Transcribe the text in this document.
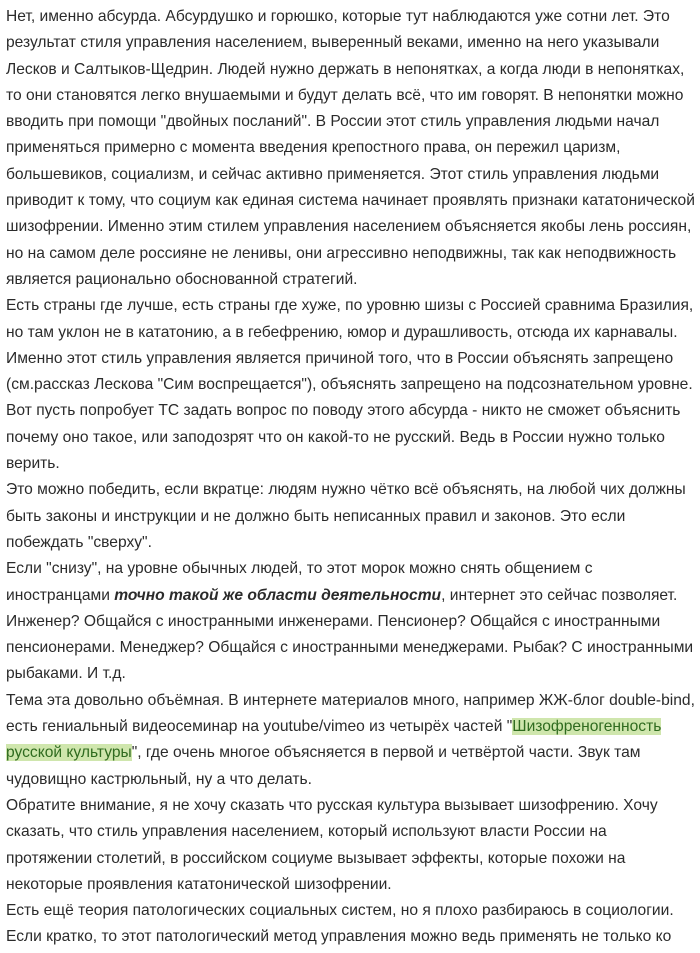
Нет, именно абсурда. Абсурдушко и горюшко, которые тут наблюдаются уже сотни лет. Это результат стиля управления населением, выверенный веками, именно на него указывали Лесков и Салтыков-Щедрин. Людей нужно держать в непонятках, а когда люди в непонятках, то они становятся легко внушаемыми и будут делать всё, что им говорят. В непонятки можно вводить при помощи "двойных посланий". В России этот стиль управления людьми начал применяться примерно с момента введения крепостного права, он пережил царизм, большевиков, социализм, и сейчас активно применяется. Этот стиль управления людьми приводит к тому, что социум как единая система начинает проявлять признаки кататонической шизофрении. Именно этим стилем управления населением объясняется якобы лень россиян, но на самом деле россияне не ленивы, они агрессивно неподвижны, так как неподвижность является рационально обоснованной стратегий.

Есть страны где лучше, есть страны где хуже, по уровню шизы с Россией сравнима Бразилия, но там уклон не в кататонию, а в гебефрению, юмор и дурашливость, отсюда их карнавалы. Именно этот стиль управления является причиной того, что в России объяснять запрещено (см.рассказ Лескова "Сим воспрещается"), объяснять запрещено на подсознательном уровне. Вот пусть попробует ТС задать вопрос по поводу этого абсурда - никто не сможет объяснить почему оно такое, или заподозрят что он какой-то не русский. Ведь в России нужно только верить.

Это можно победить, если вкратце: людям нужно чётко всё объяснять, на любой чих должны быть законы и инструкции и не должно быть неписанных правил и законов. Это если побеждать "сверху".

Если "снизу", на уровне обычных людей, то этот морок можно снять общением с иностранцами точно такой же области деятельности, интернет это сейчас позволяет. Инженер? Общайся с иностранными инженерами. Пенсионер? Общайся с иностранными пенсионерами. Менеджер? Общайся с иностранными менеджерами. Рыбак? С иностранными рыбаками. И т.д.

Тема эта довольно объёмная. В интернете материалов много, например ЖЖ-блог double-bind, есть гениальный видеосеминар на youtube/vimeo из четырёх частей "Шизофреногенность русской культуры", где очень многое объясняется в первой и четвёртой части. Звук там чудовищно кастрюльный, ну а что делать.

Обратите внимание, я не хочу сказать что русская культура вызывает шизофрению. Хочу сказать, что стиль управления населением, который используют власти России на протяжении столетий, в российском социуме вызывает эффекты, которые похожи на некоторые проявления кататонической шизофрении.

Есть ещё теория патологических социальных систем, но я плохо разбираюсь в социологии. Если кратко, то этот патологический метод управления можно ведь применять не только ко
